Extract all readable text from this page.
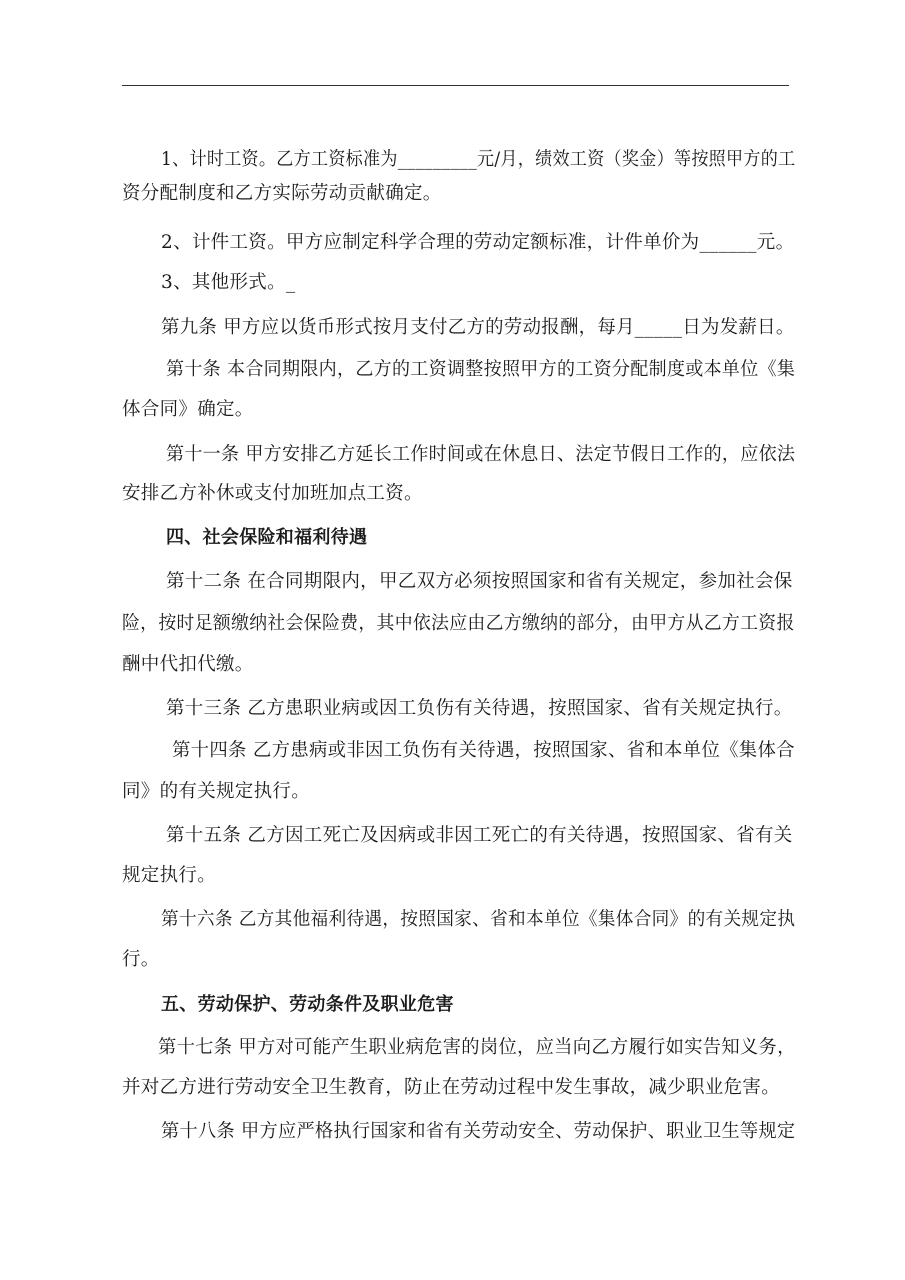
1、计时工资。乙方工资标准为_________元/月，绩效工资（奖金）等按照甲方的工
资分配制度和乙方实际劳动贡献确定。
2、计件工资。甲方应制定科学合理的劳动定额标准，计件单价为______元。
3、其他形式。_
第九条 甲方应以货币形式按月支付乙方的劳动报酬，每月_____日为发薪日。
第十条 本合同期限内，乙方的工资调整按照甲方的工资分配制度或本单位《集
体合同》确定。
第十一条 甲方安排乙方延长工作时间或在休息日、法定节假日工作的，应依法
安排乙方补休或支付加班加点工资。
四、社会保险和福利待遇
第十二条 在合同期限内，甲乙双方必须按照国家和省有关规定，参加社会保
险，按时足额缴纳社会保险费，其中依法应由乙方缴纳的部分，由甲方从乙方工资报
酬中代扣代缴。
第十三条 乙方患职业病或因工负伤有关待遇，按照国家、省有关规定执行。
第十四条 乙方患病或非因工负伤有关待遇，按照国家、省和本单位《集体合
同》的有关规定执行。
第十五条 乙方因工死亡及因病或非因工死亡的有关待遇，按照国家、省有关
规定执行。
第十六条 乙方其他福利待遇，按照国家、省和本单位《集体合同》的有关规定执
行。
五、劳动保护、劳动条件及职业危害
第十七条 甲方对可能产生职业病危害的岗位，应当向乙方履行如实告知义务，
并对乙方进行劳动安全卫生教育，防止在劳动过程中发生事故，减少职业危害。
第十八条 甲方应严格执行国家和省有关劳动安全、劳动保护、职业卫生等规定
